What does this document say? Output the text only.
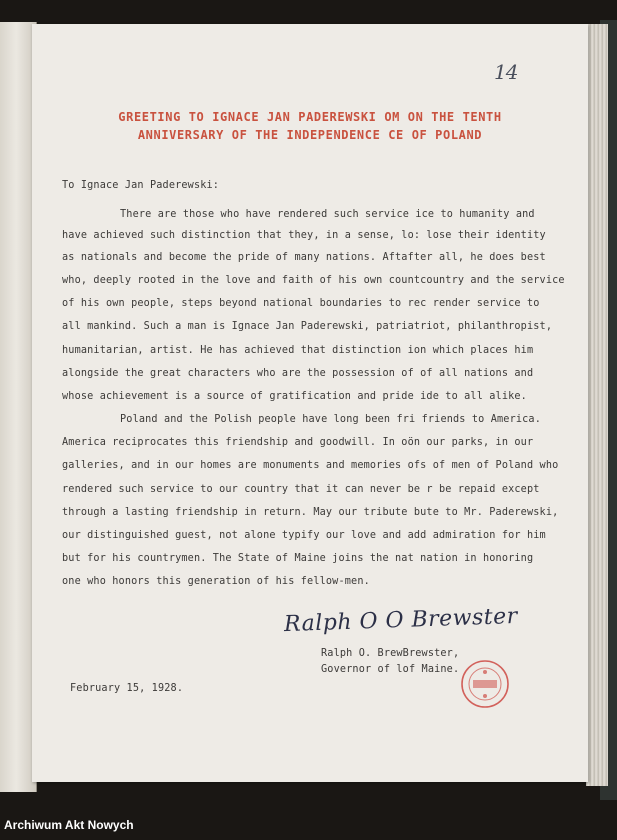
14
GREETING TO IGNACE JAN PADEREWSKI OM ON THE TENTH
ANNIVERSARY OF THE INDEPENDENCE CE OF POLAND
To Ignace Jan Paderewski:
There are those who have rendered such service ice to humanity and
have achieved such distinction that they, in a sense, lo: lose their identity
as nationals and become the pride of many nations. Aftafter all, he does best
who, deeply rooted in the love and faith of his own countcountry and the service
of his own people, steps beyond national boundaries to rec render service to
all mankind. Such a man is Ignace Jan Paderewski, patriatriot, philanthropist,
humanitarian, artist. He has achieved that distinction ion which places him
alongside the great characters who are the possession of of all nations and
whose achievement is a source of gratification and pride ide to all alike.
Poland and the Polish people have long been fri friends to America.
America reciprocates this friendship and goodwill. In oön our parks, in our
galleries, and in our homes are monuments and memories ofs of men of Poland who
rendered such service to our country that it can never be r be repaid except
through a lasting friendship in return. May our tribute bute to Mr. Paderewski,
our distinguished guest, not alone typify our love and add admiration for him
but for his countrymen. The State of Maine joins the nat nation in honoring
one who honors this generation of his fellow-men.
Ralph O O Brewster
Ralph O. BrewBrewster,
Governor of lof Maine.
February 15, 1928.
Archiwum Akt Nowych
